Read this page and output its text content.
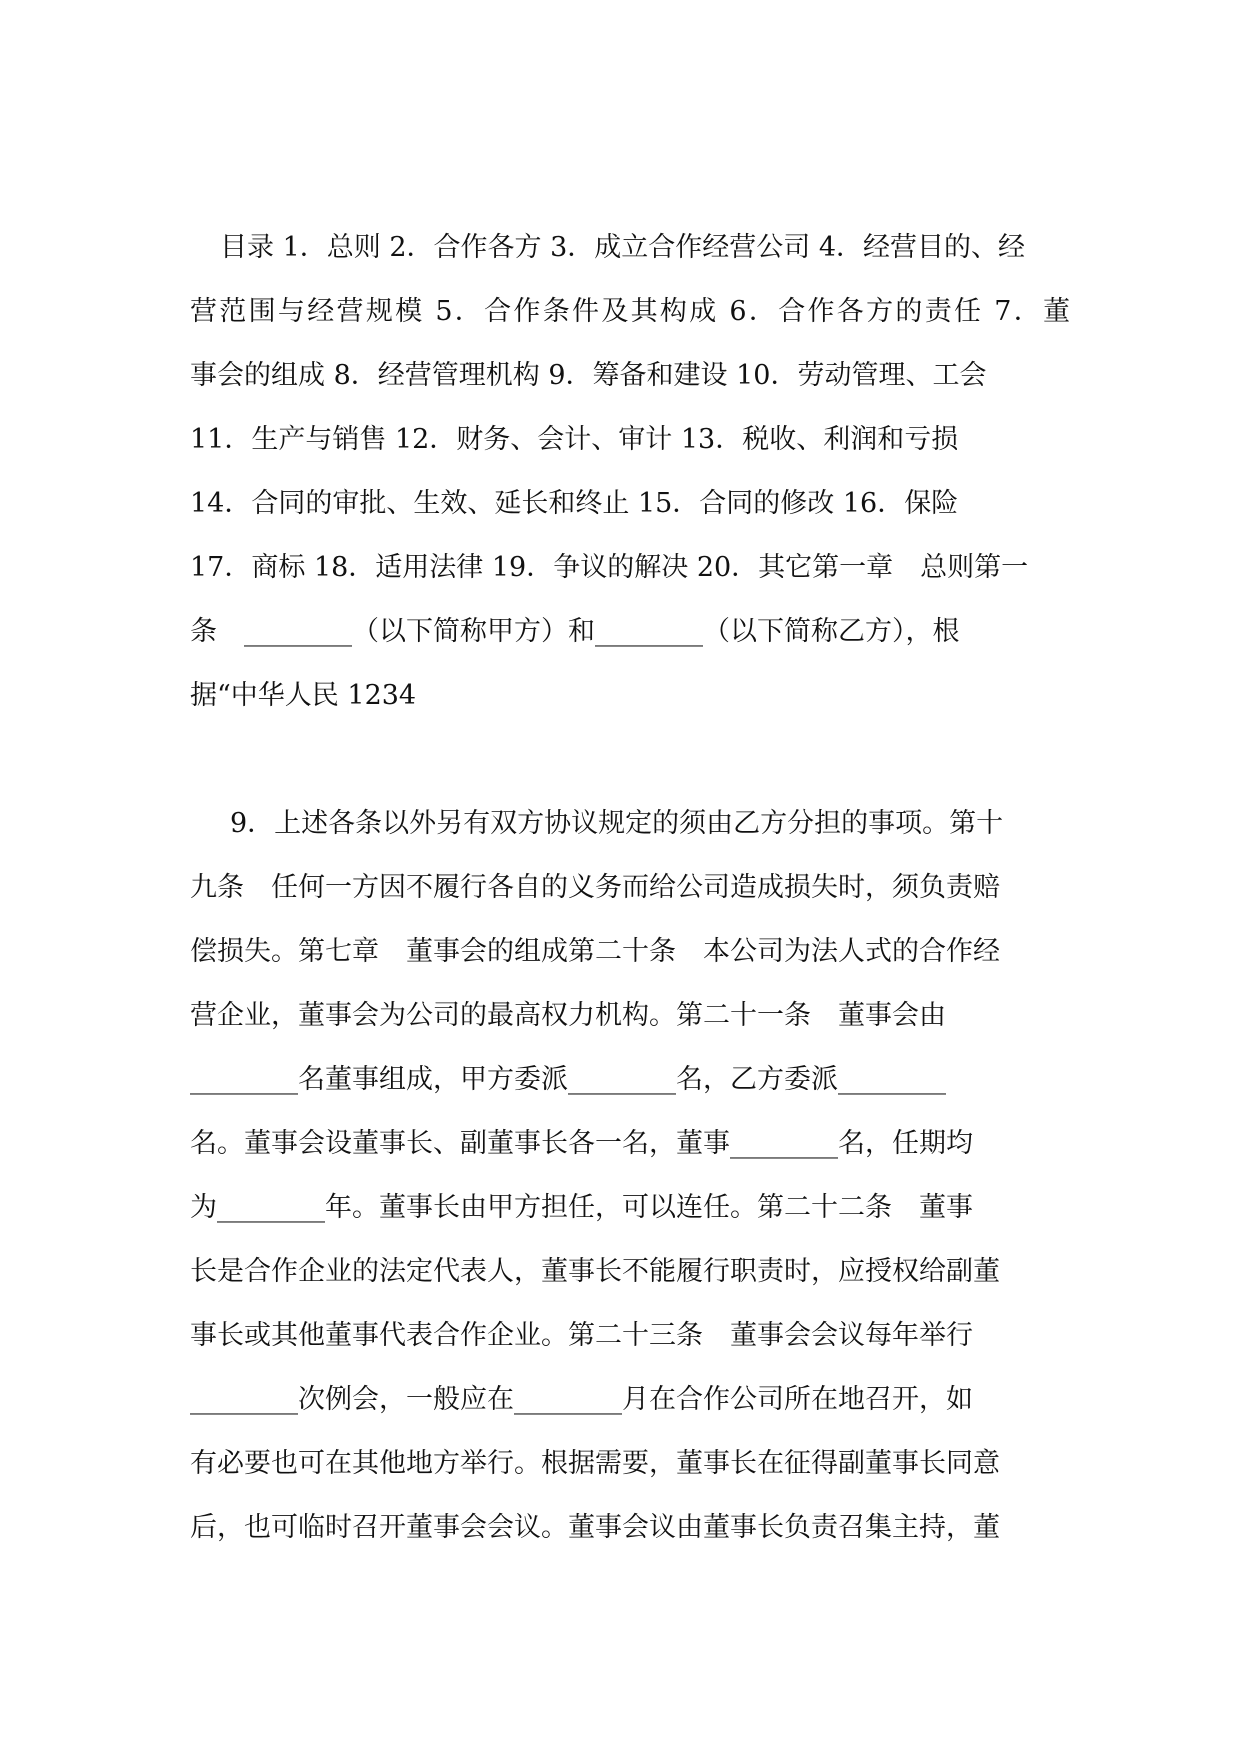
目录 1．总则 2．合作各方 3．成立合作经营公司 4．经营目的、经
营范围与经营规模 5．合作条件及其构成 6．合作各方的责任 7．董
事会的组成 8．经营管理机构 9．筹备和建设 10．劳动管理、工会
11．生产与销售 12．财务、会计、审计 13．税收、利润和亏损
14．合同的审批、生效、延长和终止 15．合同的修改 16．保险
17．商标 18．适用法律 19．争议的解决 20．其它第一章　总则第一
条　________（以下简称甲方）和________（以下简称乙方），根
据“中华人民 1234
9．上述各条以外另有双方协议规定的须由乙方分担的事项。第十
九条　任何一方因不履行各自的义务而给公司造成损失时，须负责赔
偿损失。第七章　董事会的组成第二十条　本公司为法人式的合作经
营企业，董事会为公司的最高权力机构。第二十一条　董事会由
________名董事组成，甲方委派________名，乙方委派________
名。董事会设董事长、副董事长各一名，董事________名，任期均
为________年。董事长由甲方担任，可以连任。第二十二条　董事
长是合作企业的法定代表人，董事长不能履行职责时，应授权给副董
事长或其他董事代表合作企业。第二十三条　董事会会议每年举行
________次例会，一般应在________月在合作公司所在地召开，如
有必要也可在其他地方举行。根据需要，董事长在征得副董事长同意
后，也可临时召开董事会会议。董事会议由董事长负责召集主持，董
